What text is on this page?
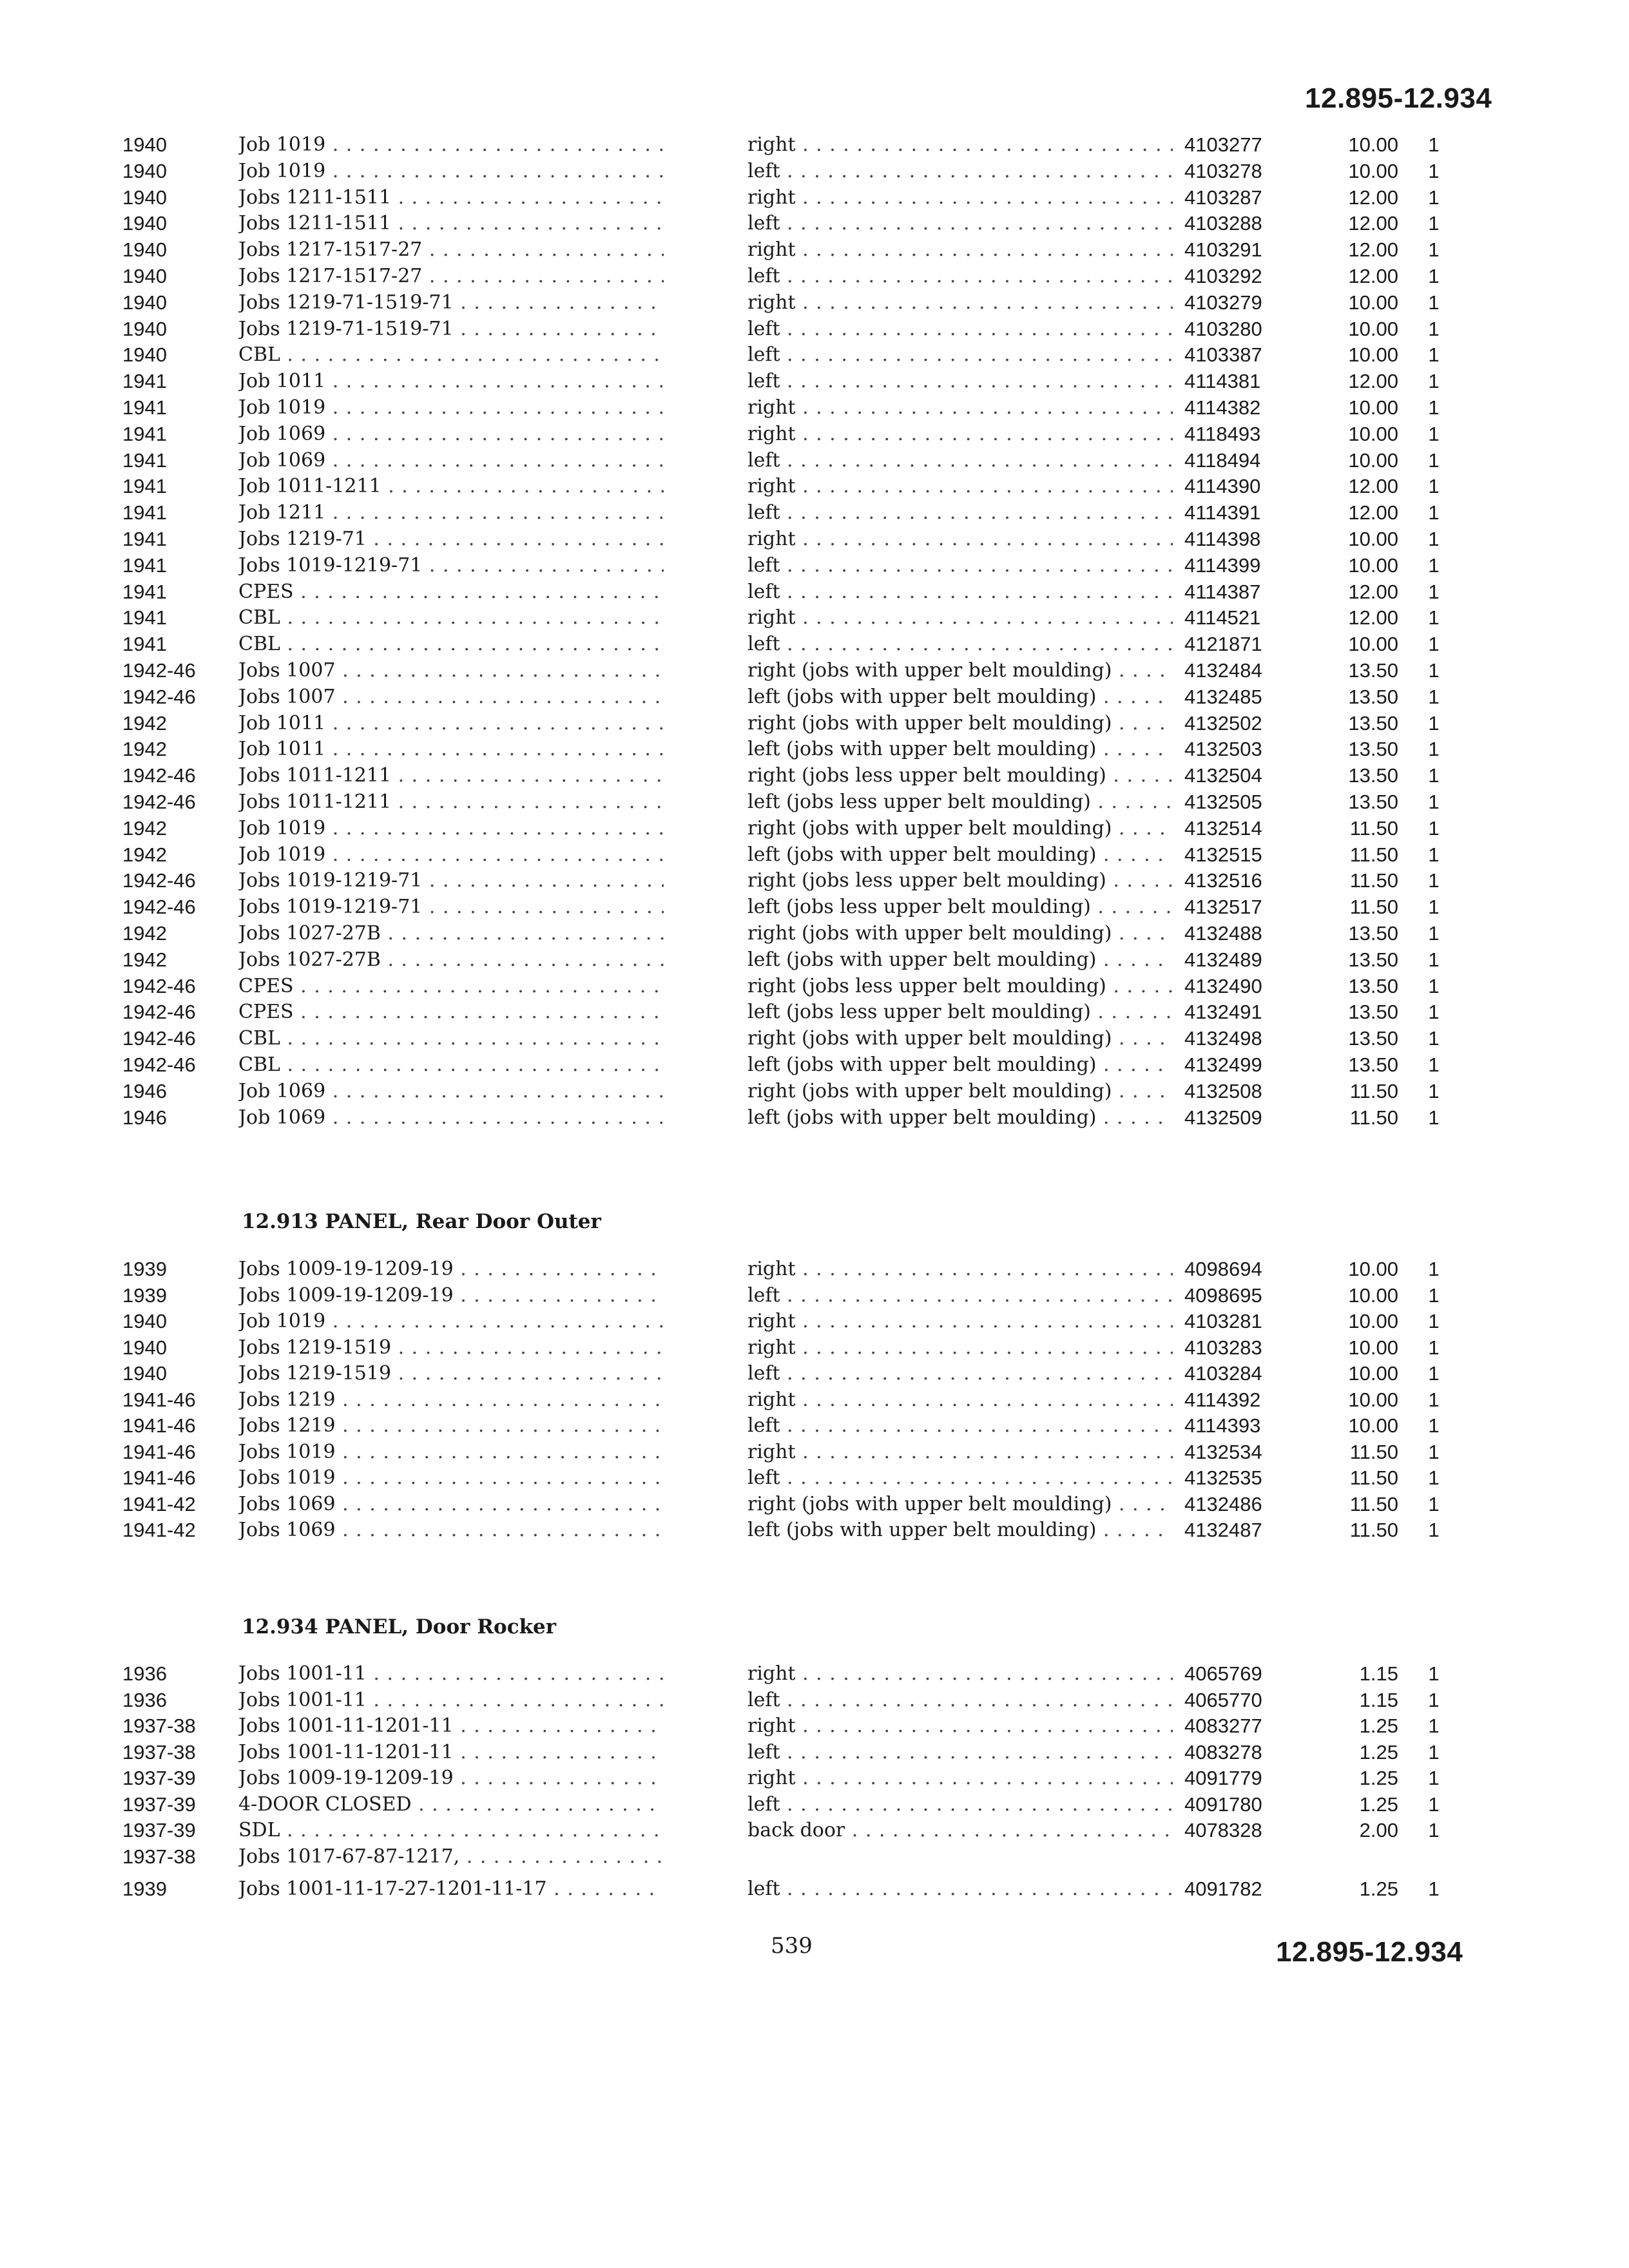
12.895-12.934
1940	Job 1019 . . .	right . . .	4103277	10.00	1
1940	Job 1019 . . .	left . . .	4103278	10.00	1
1940	Jobs 1211-1511 . . .	right . . .	4103287	12.00	1
1940	Jobs 1211-1511 . . .	left . . .	4103288	12.00	1
1940	Jobs 1217-1517-27 . . .	right . . .	4103291	12.00	1
1940	Jobs 1217-1517-27 . . .	left . . .	4103292	12.00	1
1940	Jobs 1219-71-1519-71 . . .	right . . .	4103279	10.00	1
1940	Jobs 1219-71-1519-71 . . .	left . . .	4103280	10.00	1
1940	CBL . . .	left . . .	4103387	10.00	1
1941	Job 1011 . . .	left . . .	4114381	12.00	1
1941	Job 1019 . . .	right . . .	4114382	10.00	1
1941	Job 1069 . . .	right . . .	4118493	10.00	1
1941	Job 1069 . . .	left . . .	4118494	10.00	1
1941	Job 1011-1211 . . .	right . . .	4114390	12.00	1
1941	Job 1211 . . .	left . . .	4114391	12.00	1
1941	Jobs 1219-71 . . .	right . . .	4114398	10.00	1
1941	Jobs 1019-1219-71 . . .	left . . .	4114399	10.00	1
1941	CPES . . .	left . . .	4114387	12.00	1
1941	CBL . . .	right . . .	4114521	12.00	1
1941	CBL . . .	left . . .	4121871	10.00	1
1942-46	Jobs 1007 . . .	right (jobs with upper belt moulding) . . .	4132484	13.50	1
1942-46	Jobs 1007 . . .	left (jobs with upper belt moulding) . . .	4132485	13.50	1
1942	Job 1011 . . .	right (jobs with upper belt moulding) . . .	4132502	13.50	1
1942	Job 1011 . . .	left (jobs with upper belt moulding) . . .	4132503	13.50	1
1942-46	Jobs 1011-1211 . . .	right (jobs less upper belt moulding) . . .	4132504	13.50	1
1942-46	Jobs 1011-1211 . . .	left (jobs less upper belt moulding) . . .	4132505	13.50	1
1942	Job 1019 . . .	right (jobs with upper belt moulding) . . .	4132514	11.50	1
1942	Job 1019 . . .	left (jobs with upper belt moulding) . . .	4132515	11.50	1
1942-46	Jobs 1019-1219-71 . . .	right (jobs less upper belt moulding) . . .	4132516	11.50	1
1942-46	Jobs 1019-1219-71 . . .	left (jobs less upper belt moulding) . . .	4132517	11.50	1
1942	Jobs 1027-27B . . .	right (jobs with upper belt moulding) . . .	4132488	13.50	1
1942	Jobs 1027-27B . . .	left (jobs with upper belt moulding) . . .	4132489	13.50	1
1942-46	CPES . . .	right (jobs less upper belt moulding) . . .	4132490	13.50	1
1942-46	CPES . . .	left (jobs less upper belt moulding) . . .	4132491	13.50	1
1942-46	CBL . . .	right (jobs with upper belt moulding) . . .	4132498	13.50	1
1942-46	CBL . . .	left (jobs with upper belt moulding) . . .	4132499	13.50	1
1946	Job 1069 . . .	right (jobs with upper belt moulding) . . .	4132508	11.50	1
1946	Job 1069 . . .	left (jobs with upper belt moulding) . . .	4132509	11.50	1
12.913 PANEL, Rear Door Outer
1939	Jobs 1009-19-1209-19 . . .	right . . .	4098694	10.00	1
1939	Jobs 1009-19-1209-19 . . .	left . . .	4098695	10.00	1
1940	Job 1019 . . .	right . . .	4103281	10.00	1
1940	Jobs 1219-1519 . . .	right . . .	4103283	10.00	1
1940	Jobs 1219-1519 . . .	left . . .	4103284	10.00	1
1941-46	Jobs 1219 . . .	right . . .	4114392	10.00	1
1941-46	Jobs 1219 . . .	left . . .	4114393	10.00	1
1941-46	Jobs 1019 . . .	right . . .	4132534	11.50	1
1941-46	Jobs 1019 . . .	left . . .	4132535	11.50	1
1941-42	Jobs 1069 . . .	right (jobs with upper belt moulding) . . .	4132486	11.50	1
1941-42	Jobs 1069 . . .	left (jobs with upper belt moulding) . . .	4132487	11.50	1
12.934 PANEL, Door Rocker
1936	Jobs 1001-11 . . .	right . . .	4065769	1.15	1
1936	Jobs 1001-11 . . .	left . . .	4065770	1.15	1
1937-38	Jobs 1001-11-1201-11 . . .	right . . .	4083277	1.25	1
1937-38	Jobs 1001-11-1201-11 . . .	left . . .	4083278	1.25	1
1937-39	Jobs 1009-19-1209-19 . . .	right . . .	4091779	1.25	1
1937-39	4-DOOR CLOSED . . .	left . . .	4091780	1.25	1
1937-39	SDL . . .	back door . . .	4078328	2.00	1
1937-38	Jobs 1017-67-87-1217, . . .
1939	Jobs 1001-11-17-27-1201-11-17 . . .	left . . .	4091782	1.25	1
539	12.895-12.934
